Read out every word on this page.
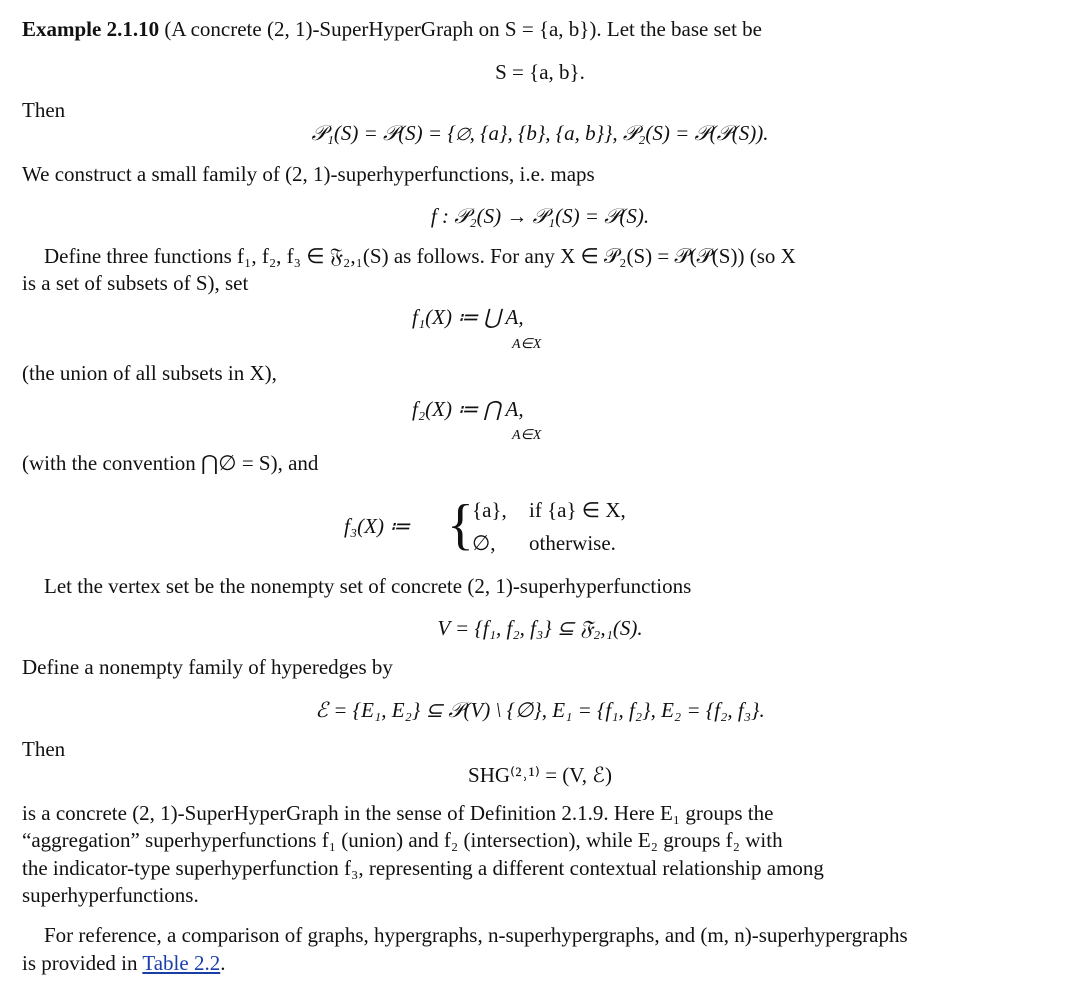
Example 2.1.10 (A concrete (2, 1)-SuperHyperGraph on S = {a, b}). Let the base set be
S = {a, b}.
Then
𝒫₁(S) = 𝒫(S) = {∅, {a}, {b}, {a, b}}, 𝒫₂(S) = 𝒫(𝒫(S)).
We construct a small family of (2, 1)-superhyperfunctions, i.e. maps
f : 𝒫₂(S) → 𝒫₁(S) = 𝒫(S).
Define three functions f₁, f₂, f₃ ∈ 𝔉₂,₁(S) as follows. For any X ∈ 𝒫₂(S) = 𝒫(𝒫(S)) (so X
is a set of subsets of S), set
f₁(X) ≔ ⋃ A,
A∈X
(the union of all subsets in X),
f₂(X) ≔ ⋂ A,
A∈X
(with the convention ⋂∅ = S), and
f₃(X) ≔ {
{a}, if {a} ∈ X,
∅, otherwise.
Let the vertex set be the nonempty set of concrete (2, 1)-superhyperfunctions
V = {f₁, f₂, f₃} ⊆ 𝔉₂,₁(S).
Define a nonempty family of hyperedges by
ℰ = {E₁, E₂} ⊆ 𝒫(V) \ {∅}, E₁ = {f₁, f₂}, E₂ = {f₂, f₃}.
Then
SHG⁽²˒¹⁾ = (V, ℰ)
is a concrete (2, 1)-SuperHyperGraph in the sense of Definition 2.1.9. Here E₁ groups the
“aggregation” superhyperfunctions f₁ (union) and f₂ (intersection), while E₂ groups f₂ with
the indicator-type superhyperfunction f₃, representing a different contextual relationship among
superhyperfunctions.
For reference, a comparison of graphs, hypergraphs, n-superhypergraphs, and (m, n)-superhypergraphs
is provided in Table 2.2.
